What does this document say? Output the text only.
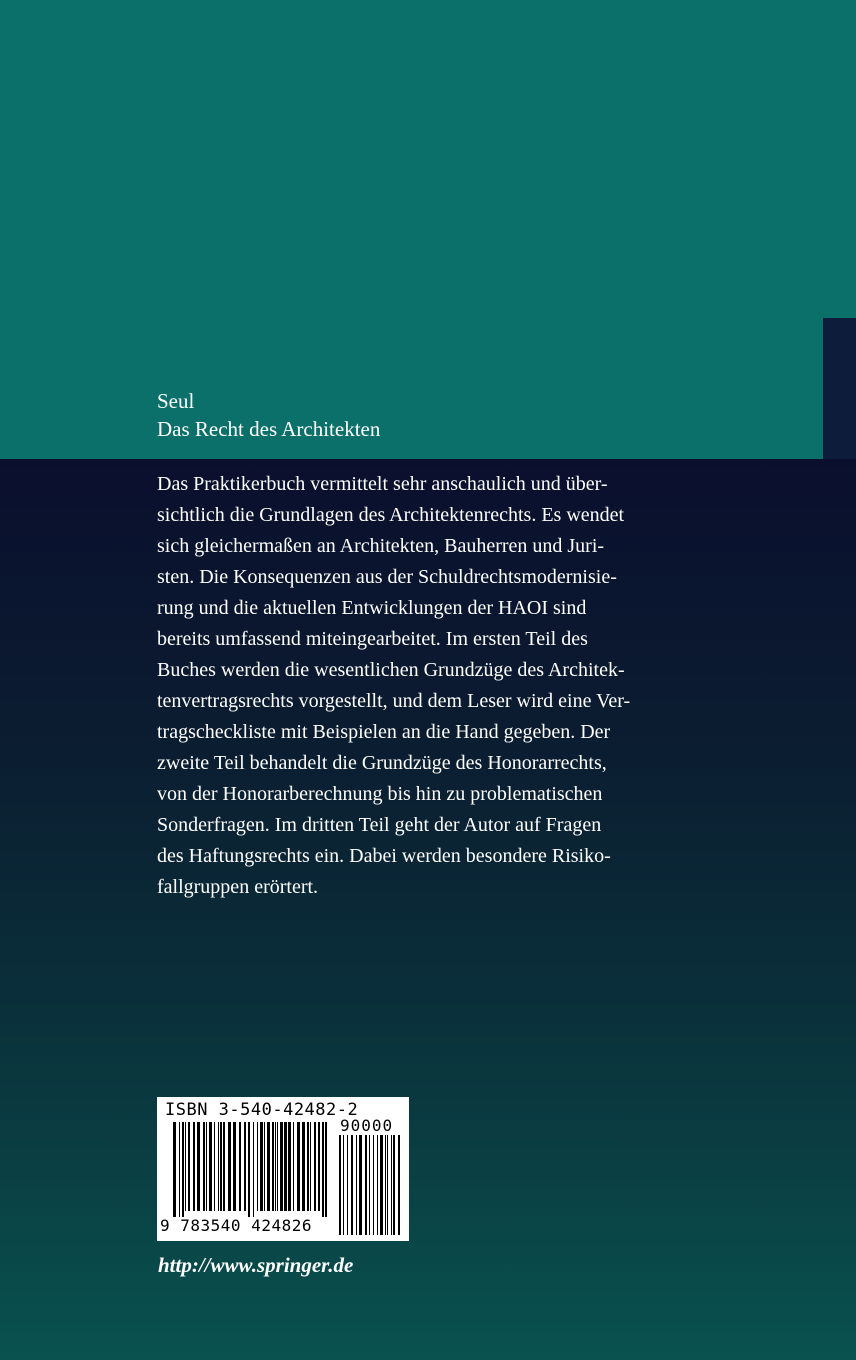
Seul
Das Recht des Architekten
Das Praktikerbuch vermittelt sehr anschaulich und über-
sichtlich die Grundlagen des Architektenrechts. Es wendet
sich gleichermaßen an Architekten, Bauherren und Juri-
sten. Die Konsequenzen aus der Schuldrechtsmodernisie-
rung und die aktuellen Entwicklungen der HAOI sind
bereits umfassend miteingearbeitet. Im ersten Teil des
Buches werden die wesentlichen Grundzüge des Architek-
tenvertragsrechts vorgestellt, und dem Leser wird eine Ver-
tragscheckliste mit Beispielen an die Hand gegeben. Der
zweite Teil behandelt die Grundzüge des Honorarrechts,
von der Honorarberechnung bis hin zu problematischen
Sonderfragen. Im dritten Teil geht der Autor auf Fragen
des Haftungsrechts ein. Dabei werden besondere Risiko-
fallgruppen erörtert.
ISBN 3-540-42482-2
90000
9 783540 424826
http://www.springer.de
